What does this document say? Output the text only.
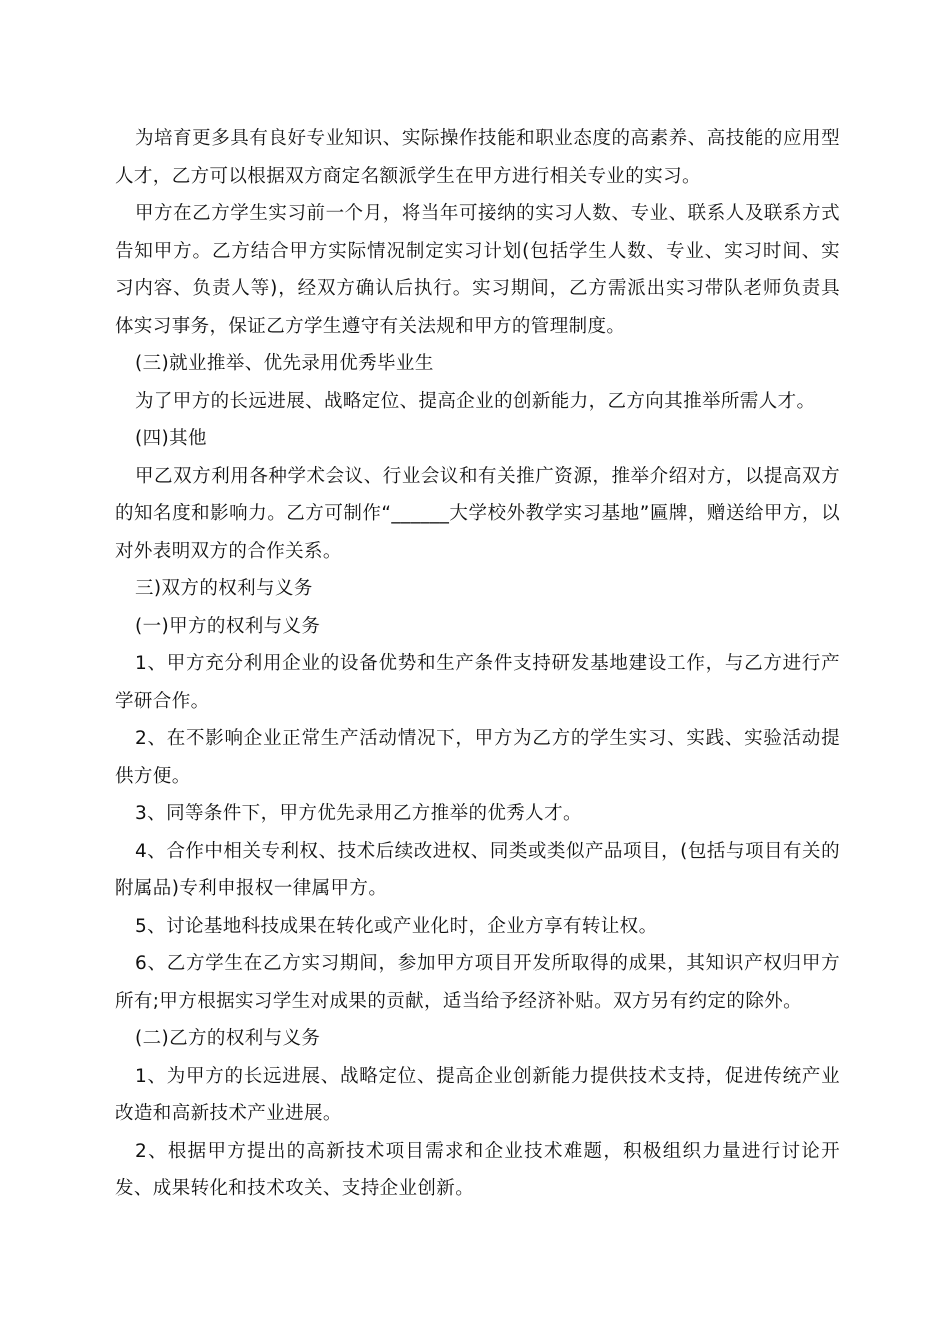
为培育更多具有良好专业知识、实际操作技能和职业态度的高素养、高技能的应用型人才，乙方可以根据双方商定名额派学生在甲方进行相关专业的实习。

甲方在乙方学生实习前一个月，将当年可接纳的实习人数、专业、联系人及联系方式告知甲方。乙方结合甲方实际情况制定实习计划(包括学生人数、专业、实习时间、实习内容、负责人等)，经双方确认后执行。实习期间，乙方需派出实习带队老师负责具体实习事务，保证乙方学生遵守有关法规和甲方的管理制度。

(三)就业推举、优先录用优秀毕业生

为了甲方的长远进展、战略定位、提高企业的创新能力，乙方向其推举所需人才。

(四)其他

甲乙双方利用各种学术会议、行业会议和有关推广资源，推举介绍对方，以提高双方的知名度和影响力。乙方可制作“______大学校外教学实习基地”匾牌，赠送给甲方，以对外表明双方的合作关系。

三)双方的权利与义务

(一)甲方的权利与义务

1、甲方充分利用企业的设备优势和生产条件支持研发基地建设工作，与乙方进行产学研合作。

2、在不影响企业正常生产活动情况下，甲方为乙方的学生实习、实践、实验活动提供方便。

3、同等条件下，甲方优先录用乙方推举的优秀人才。

4、合作中相关专利权、技术后续改进权、同类或类似产品项目，(包括与项目有关的附属品)专利申报权一律属甲方。

5、讨论基地科技成果在转化或产业化时，企业方享有转让权。

6、乙方学生在乙方实习期间，参加甲方项目开发所取得的成果，其知识产权归甲方所有;甲方根据实习学生对成果的贡献，适当给予经济补贴。双方另有约定的除外。

(二)乙方的权利与义务

1、为甲方的长远进展、战略定位、提高企业创新能力提供技术支持，促进传统产业改造和高新技术产业进展。

2、根据甲方提出的高新技术项目需求和企业技术难题，积极组织力量进行讨论开发、成果转化和技术攻关、支持企业创新。
